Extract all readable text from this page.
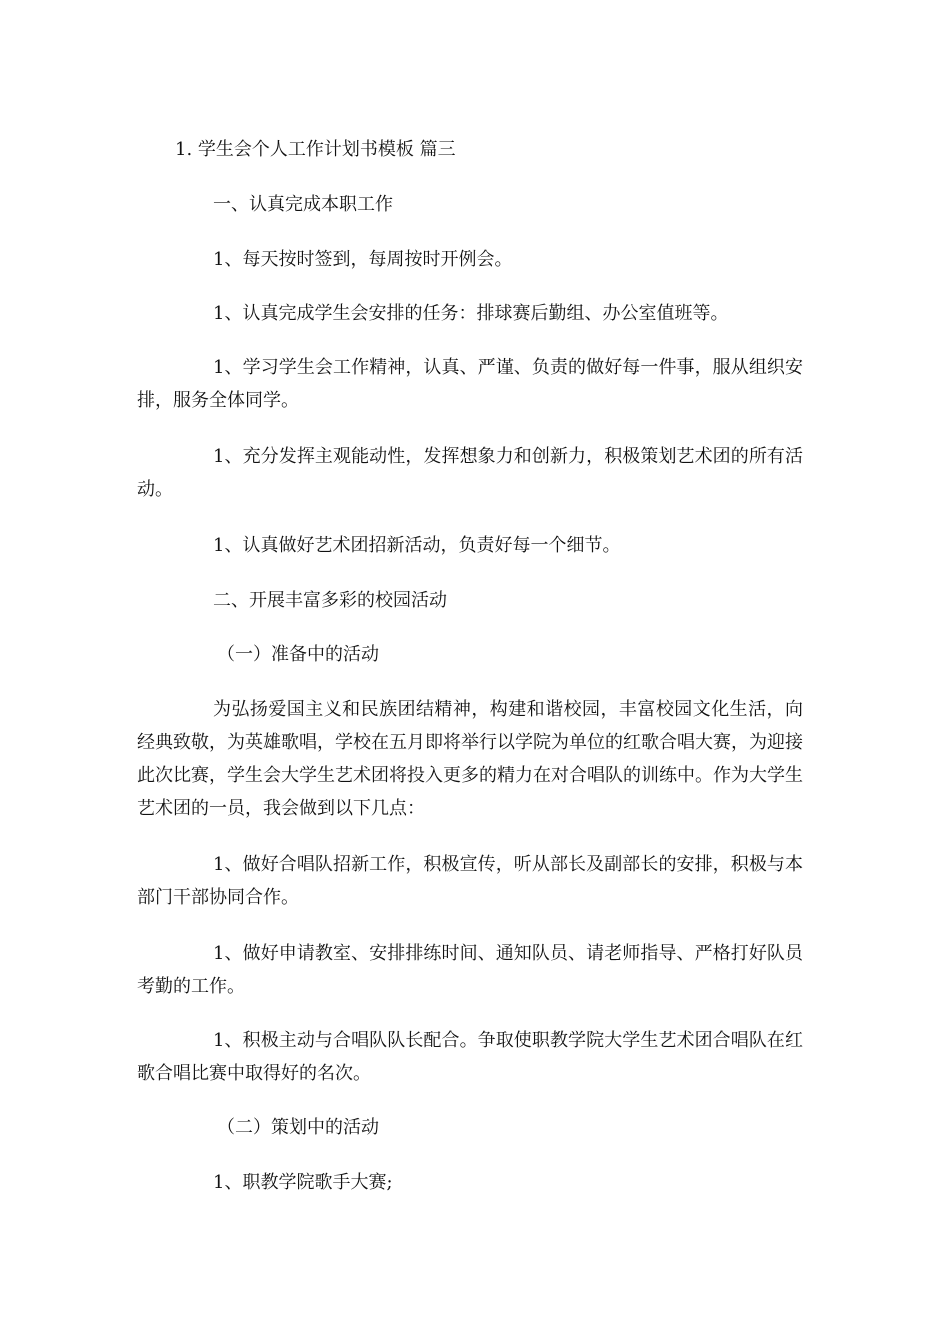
1. 学生会个人工作计划书模板 篇三
一、认真完成本职工作
1、每天按时签到，每周按时开例会。
1、认真完成学生会安排的任务：排球赛后勤组、办公室值班等。
1、学习学生会工作精神，认真、严谨、负责的做好每一件事，服从组织安排，服务全体同学。
1、充分发挥主观能动性，发挥想象力和创新力，积极策划艺术团的所有活动。
1、认真做好艺术团招新活动，负责好每一个细节。
二、开展丰富多彩的校园活动
（一）准备中的活动
为弘扬爱国主义和民族团结精神，构建和谐校园，丰富校园文化生活，向经典致敬，为英雄歌唱，学校在五月即将举行以学院为单位的红歌合唱大赛，为迎接此次比赛，学生会大学生艺术团将投入更多的精力在对合唱队的训练中。作为大学生艺术团的一员，我会做到以下几点：
1、做好合唱队招新工作，积极宣传，听从部长及副部长的安排，积极与本部门干部协同合作。
1、做好申请教室、安排排练时间、通知队员、请老师指导、严格打好队员考勤的工作。
1、积极主动与合唱队队长配合。争取使职教学院大学生艺术团合唱队在红歌合唱比赛中取得好的名次。
（二）策划中的活动
1、职教学院歌手大赛;
